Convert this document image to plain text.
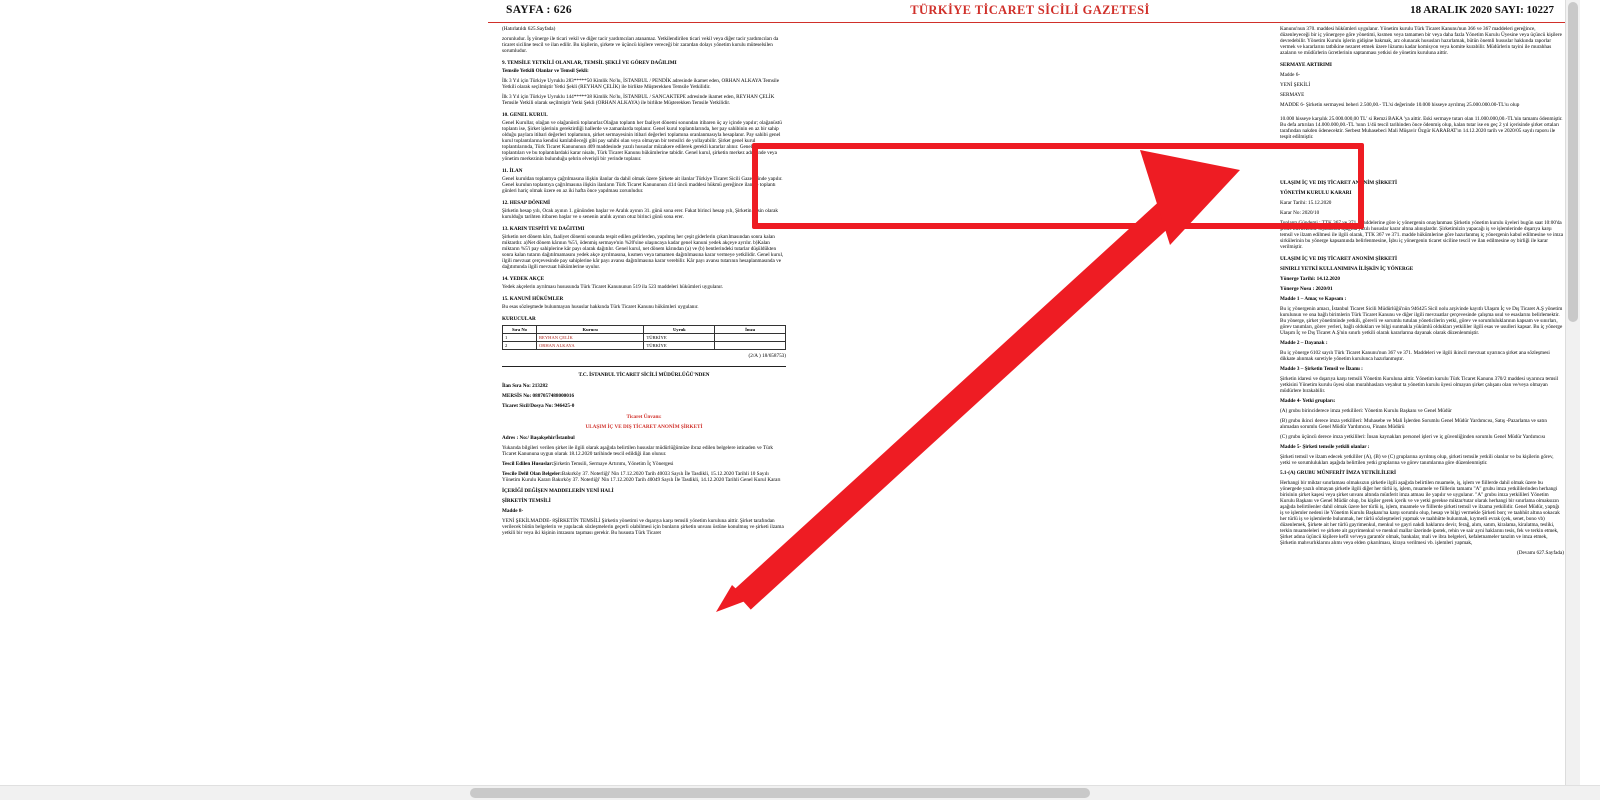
SAYFA : 626	TÜRKİYE TİCARET SİCİLİ GAZETESİ	18 ARALIK 2020 SAYI: 10227

(Hatırlatıldı 625.Sayfada)

zorunludur. İş yönerge ile ticari vekil ve diğer tacir yardımcıları atanamaz. Yetkilendirilen ticari vekil veya diğer tacir yardımcıları da ticaret siciline tescil ve ilan edilir. Bu kişilerin, şirkete ve üçüncü kişilere vereceği bir zarardan dolayı yönetim kurulu müteselsilen sorumludur.

9. TEMSİLE YETKİLİ OLANLAR, TEMSİL ŞEKLİ VE GÖREV DAĞILIMI

Temsile Yetkili Olanlar ve Temsil Şekli:

İlk 3 Yıl için Türkiye Uyruklu 283*****50 Kimlik No'lu, İSTANBUL / PENDİK adresinde ikamet eden, ORHAN ALKAYA Temsile Yetkili olarak seçilmiştir Yetki Şekli (REYHAN ÇELİK) ile birlikte Müşterekken Temsile Yetkilidir.

İlk 3 Yıl için Türkiye Uyruklu 144*****38 Kimlik No'lu, İSTANBUL / SANCAKTEPE adresinde ikamet eden, REYHAN ÇELİK Temsile Yetkili olarak seçilmiştir Yetki Şekli (ORHAN ALKAYA) ile birlikte Müşterekken Temsile Yetkilidir.

10. GENEL KURUL

Genel Kurullar, olağan ve olağanüstü toplanırlar.Olağan toplantı her faaliyet dönemi sonundan itibaren üç ay içinde yapılır; olağanüstü toplantı ise, Şirket işlerinin gerektirdiği hallerde ve zamanlarda toplanır. Genel kurul toplantılarında, her pay sahibinin en az bir sahip olduğu paylara itibari değerleri toplamının, şirket sermayesinin itibari değerleri toplamına oranlanmasıyla hesaplanır. Pay sahibi genel kurul toplantılarına kendisi katılabileceği gibi pay sahibi olan veya olmayan bir temsilci de yollayabilir. Şirket genel kurul toplantılarında, Türk Ticaret Kanununun 409 maddesinde yazılı hususlar müzakere edilerek gerekli kararlar alınır. Genel kurul toplantıları ve bu toplantılardaki karar nisabı, Türk Ticaret Kanunu hükümlerine tabidir. Genel kurul, şirketin merkez adresinde veya yönetim merkezinin bulunduğu şehrin elverişli bir yerinde toplanır.

11. İLAN

Genel kuruldan toplantıya çağrılmasına ilişkin ilanlar da dahil olmak üzere Şirkete ait ilanlar Türkiye Ticaret Sicili Gazetesinde yapılır. Genel kurulun toplantıya çağrılmasına ilişkin ilanların Türk Ticaret Kanununun 414 üncü maddesi hükmü gereğince ilan ve toplantı günleri hariç olmak üzere en az iki hafta önce yapılması zorunludur.

12. HESAP DÖNEMİ

Şirketin hesap yılı, Ocak ayının 1. gününden başlar ve Aralık ayının 31. günü sona erer. Fakat birinci hesap yılı, Şirketin kesin olarak kurulduğu tarihten itibaren başlar ve o senenin aralık ayının otuz birinci günü sona erer.

13. KARIN TESPİTİ VE DAĞITIMI

Şirketin net dönem kârı, faaliyet dönemi sonunda tespit edilen gelirlerden, yapılmış her çeşit giderlerin çıkarılmasından sonra kalan miktardır. a)Net dönem kârının %5'i, ödenmiş sermaye'nin %20'sine ulaşıncaya kadar genel kanuni yedek akçeye ayrılır. b)Kalan miktarın %5'i pay sahiplerine kâr payı olarak dağıtılır. Genel kurul, net dönem kârından (a) ve (b) bentlerindeki tutarlar düşüldükten sonra kalan tutarın dağıtılmamasını yedek akçe ayrılmasına, kısmen veya tamamen dağıtılmasına karar vermeye yetkilidir. Genel kurul, ilgili mevzuat çerçevesinde pay sahiplerine kâr payı avansı dağıtılmasına karar verebilir. Kâr payı avansı tutarının hesaplanmasında ve dağıtımında ilgili mevzuat hükümlerine uyulur.

14. YEDEK AKÇE

Yedek akçelerin ayrılması hususunda Türk Ticaret Kanununun 519 ila 523 maddeleri hükümleri uygulanır.

15. KANUNİ HÜKÜMLER

Bu esas sözleşmede bulunmayan hususlar hakkında Türk Ticaret Kanunu hükümleri uygulanır.

KURUCULAR

Sıra No	Kurucu	Uyruk	İmza
1	REYHAN ÇELİK	TÜRKİYE	
2	ORHAN ALKAYA	TÜRKİYE	

(2/A ) 18/658753)

T.C. İSTANBUL TİCARET SİCİLİ MÜDÜRLÜĞÜ'NDEN

İlan Sıra No: 213282

MERSİS No: 0887057488000016

Ticaret Sicil/Dosya No: 946425-0

Ticaret Ünvanı:

ULAŞIM İÇ VE DIŞ TİCARET ANONİM ŞİRKETİ

Adres : No:/ Başakşehir/İstanbul

Yukarıda bilgileri verilen şirket ile ilgili olarak aşağıda belirtilen hususlar müdürlüğümüze ibraz edilen belgelere istinaden ve Türk Ticaret Kanununa uygun olarak 18.12.2020 tarihinde tescil edildiği ilan olunur.

Tescil Edilen Hususlar:Şirketin Temsili, Sermaye Artırımı, Yönetim İç Yönergesi

Tescile Delil Olan Belgeler:Bakırköy 37. Noterliği' Nin 17.12.2020 Tarih 40033 Sayılı İle Tasdikli, 15.12.2020 Tarihli 10 Sayılı Yönetim Kurulu Kararı Bakırköy 37. Noterliği' Nin 17.12.2020 Tarih 40049 Sayılı İle Tasdikli, 14.12.2020 Tarihli Genel Kurul Kararı

İÇERİĞİ DEĞİŞEN MADDELERİN YENİ HALİ

ŞİRKETİN TEMSİLİ

Madde 8-

YENİ ŞEKİLMADDE- 8ŞİRKETİN TEMSİLİ Şirketin yönetimi ve dışarıya karşı temsili yönetim kuruluna aittir. Şirket tarafından verilecek bütün belgelerin ve yapılacak sözleşmelerin geçerli olabilmesi için bunların şirketin unvanı üstüne konulmuş ve şirketi ilzama yetkili bir veya iki kişinin imzasını taşıması gerekir. Bu hususta Türk Ticaret

Kanunu'nun 370. maddesi hükümleri uygulanır. Yönetim kurulu Türk Ticaret Kanunu'nun 366 ve 367 maddeleri gereğince, düzenleyeceği bir iç yönergeye göre yönetimi, kısmen veya tamamen bir veya daha fazla Yönetim Kurulu Üyesine veya üçüncü kişilere devredebilir. Yönetim Kurulu işlerin gidişine bakmak, arz olunacak hususları hazırlamak, bütün önemli hususlar hakkında raporlar vermek ve kararlarını tatbikine nezaret etmek üzere lüzumu kadar komisyon veya komite kurabilir. Müdürlerin tayini ile murahhas azaların ve müdürlerin ücretlerinin saptanması yetkisi de yönetim kuruluna aittir.

SERMAYE ARTIRIMI

Madde 6-

YENİ ŞEKİLİ

SERMAYE

MADDE 6- Şirketin sermayesi beheri 2.500,00.- TL'si değerinde 10.000 hisseye ayrılmış 25.000.000.00-TL'sı olup

10.000 hisseye karşılık 25.000.000,00 TL' si Remzi BAKA 'ya aittir. Eski sermaye tutarı olan 11.000.000,00.-TL'nin tamamı ödenmiştir. Bu defa artırılan 14.000.000,00.-TL 'nınn 1/4ü tescil tarihinden önce ödenmiş olup, kalan tutar ise en geç 2 yıl içerisinde şirket ortaları tarafından nakden ödenecektir. Serbest Muhasebeci Mali Müşavir Özgür KARABAT'ın 14.12.2020 tarih ve 2020/05 sayılı raporu ile tespit edilmiştir.

ULAŞIM İÇ VE DIŞ TİCARET ANONİM ŞİRKETİ

YÖNETİM KURULU KARARI

Karar Tarihi: 15.12.2020

Karar No: 2020/10

Toplantı Gündemi : TTK 367 ve 371. Maddelerine göre iç yönergenin onaylanması Şirketin yönetim kurulu üyeleri bugün saat 10:00'da şirket merkezinde toplanarak aşağıda yazılı hususlar karar altına alınışlardır. Şirketimizin yapacağı iş ve işlemlerinde dışarıya karşı temsil ve ilzam edilmesi ile ilgili olarak, TTK 367 ve 371. madde hükümlerine göre hazırlanmış iç yönergenin kabul edilmesine ve imza sirkülerinin bu yönerge kapsamında belirlenmesine, İşbu iç yönergenin ticaret siciline tescil ve ilan edilmesine oy birliği ile karar verilmiştir.

ULAŞIM İÇ VE DIŞ TİCARET ANONİM ŞİRKETİ

SINIRLI YETKİ KULLANIMINA İLİŞKİN İÇ YÖNERGE

Yönerge Tarihi: 14.12.2020

Yönerge Nosu : 2020/01

Madde 1 – Amaç ve Kapsam :

Bu iç yönergenin amacı, İstanbul Ticaret Sicili Müdürlüğü'nün 946425 Sicil nolu arşivinde kayıtlı Ulaşım İç ve Dış Ticaret A.Ş yönetim kurulunun ve ona bağlı birimlerin Türk Ticaret Kanunu ve diğer ilgili mevzuatlar çerçevesinde çalışma usul ve esaslarını belirlemektir. Bu yönerge, şirket yönetiminde yetkili, görevli ve sorumlu tutulan yöneticilerin yetki, görev ve sorumluluklarının kapsam ve sınırları, görev tanımları, görev yerleri, bağlı oldukları ve bilgi sunmakla yükümlü oldukları yetkililer ilgili esas ve usulleri kapsar. Bu iç yönerge Ulaşım İç ve Dış Ticaret A.Ş'nin sınırlı yetkili olarak kararlarına dayanak olarak düzenlenmiştir.

Madde 2 – Dayanak :

Bu iç yönerge 6102 sayılı Türk Ticaret Kanunu'nun 367 ve 371. Maddeleri ve ilgili ikincil mevzuat uyarınca şirket ana sözleşmesi dikkate alınmak suretiyle yönetim kurulunca hazırlanmıştır.

Madde 3 – Şirketin Temsil ve İlzamı :

Şirketin idaresi ve dışarıya karşı temsili Yönetim Kuruluna aittir. Yönetim kurulu Türk Ticaret Kanunu 370/2 maddesi uyarınca temsil yetkisini Yönetim kurulu üyesi olan murahhaslara veyahut ta yönetim kurulu üyesi olmayan şirket çalışanı olan ve/veya olmayan müdürlere bırakabilir.

Madde 4- Yetki grupları:

(A) grubu birinciderece imza yetkilileri: Yönetim Kurulu Başkanı ve Genel Müdür

(B) grubu ikinci derece imza yetkilileri: Muhasebe ve Mali İşlerden Sorumlu Genel Müdür Yardımcısı, Satış -Pazarlama ve satın alımadan sorumlu Genel Müdür Yardımcısı, Finans Müdürü

(C) grubu üçüncü derece imza yetkilileri: İnsan kaynakları personel işleri ve iç güvenliğinden sorumlu Genel Müdür Yardımcısı

Madde 5- Şirketi temsile yetkili olanlar :

Şirketi temsil ve ilzam edecek yetkililer (A), (B) ve (C) gruplarına ayrılmış olup, şirketi temsile yetkili olanlar ve bu kişilerin görev, yetki ve sorumlulukları aşağıda belirtilen yetki gruplarına ve görev tanımlarına göre düzenlenmiştir.

5.1-(A) GRUBU MÜNFERİT İMZA YETKİLİLERİ

Herhangi bir miktar sınırlaması olmaksızın şirketle ilgili aşağıda belirtilen muamele, iş, işlem ve fiillerde dahil olmak üzere bu yönergede yazılı olmayan şirketle ilgili diğer her türlü iş, işlem, muamele ve fiillerin tamamı "A" grubu imza yetkililerinden herhangi birisinin şirket kaşesi veya şirket unvanı altında münferit imza atması ile yapılır ve uygulanır. "A" grubu imza yetkilileri Yönetim Kurulu Başkanı ve Genel Müdür olup, bu kişiler gerek içerik ve ve yetki gerekse miktar/tutar olarak herhangi bir sınırlama olmaksızın aşağıda belirtilenler dahil olmak üzere her türlü iş, işlem, muamele ve fiillerde şirketi temsil ve ilzama yetkilidir. Genel Müdür, yaptığı iş ve işlemler nedeni ile Yönetim Kurulu Başkanı'na karşı sorumlu olup, hesap ve bilgi vermekle Şirketi borç ve taahhüt altına sokacak her türlü iş ve işlemlerde bulunmak, her türlü sözleşmeleri yapmak ve taahhütte bulunmak, kıymetli evrak (çek, senet, bono vb) düzenlemek, Şirkete ait her türlü gayrimenkul, menkul ve gayri nakdi haklarını devir, ferağ, alım, satım, kiralama, kiralatma, tesliki, terkin muameleleri ve şirkete ait gayrimenkul ve menkul mallar üzerinde ipotek, rehin ve sair ayni haklarını tesis, fek ve terkin etmek, Şirket adına üçüncü kişilere kefil ve/veya garantör olmak, bankalar, mali ve ibra belgeleri, kefaletnameler tanzim ve imza etmek, Şirketin mahvurlıklarını alımı veya elden çıkarılması, kiraya verilmesi vb. işlemleri yapmak,

(Devamı 627.Sayfada)
